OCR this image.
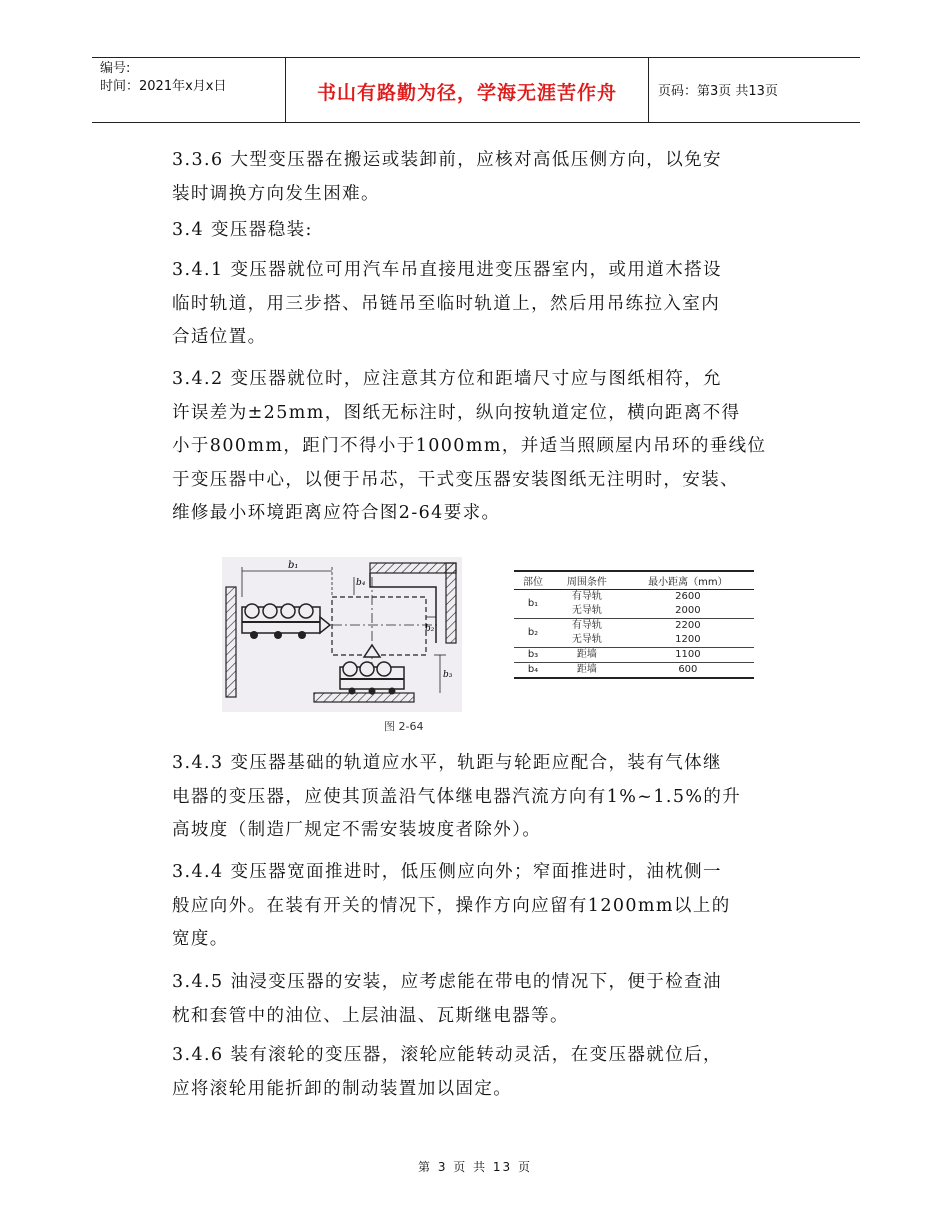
编号:
时间：2021年x月x日	书山有路勤为径，学海无涯苦作舟	页码：第3页 共13页
3.3.6 大型变压器在搬运或装卸前，应核对高低压侧方向，以免安
装时调换方向发生困难。
3.4 变压器稳装:
3.4.1 变压器就位可用汽车吊直接甩进变压器室内，或用道木搭设
临时轨道，用三步搭、吊链吊至临时轨道上，然后用吊练拉入室内
合适位置。
3.4.2 变压器就位时，应注意其方位和距墙尺寸应与图纸相符，允
许误差为±25mm，图纸无标注时，纵向按轨道定位，横向距离不得
小于800mm，距门不得小于1000mm，并适当照顾屋内吊环的垂线位
于变压器中心，以便于吊芯，干式变压器安装图纸无注明时，安装、
维修最小环境距离应符合图2-64要求。
b₁
b₄
b₂
b₃
图 2-64
部位	周围条件	最小距离（mm）
b₁	有导轨	2600
	无导轨	2000
b₂	有导轨	2200
	无导轨	1200
b₃	距墙	1100
b₄	距墙	600
3.4.3 变压器基础的轨道应水平，轨距与轮距应配合，装有气体继
电器的变压器，应使其顶盖沿气体继电器汽流方向有1%~1.5%的升
高坡度（制造厂规定不需安装坡度者除外）。
3.4.4 变压器宽面推进时，低压侧应向外；窄面推进时，油枕侧一
般应向外。在装有开关的情况下，操作方向应留有1200mm以上的
宽度。
3.4.5 油浸变压器的安装，应考虑能在带电的情况下，便于检查油
枕和套管中的油位、上层油温、瓦斯继电器等。
3.4.6 装有滚轮的变压器，滚轮应能转动灵活，在变压器就位后，
应将滚轮用能折卸的制动装置加以固定。
第 3 页 共 13 页
